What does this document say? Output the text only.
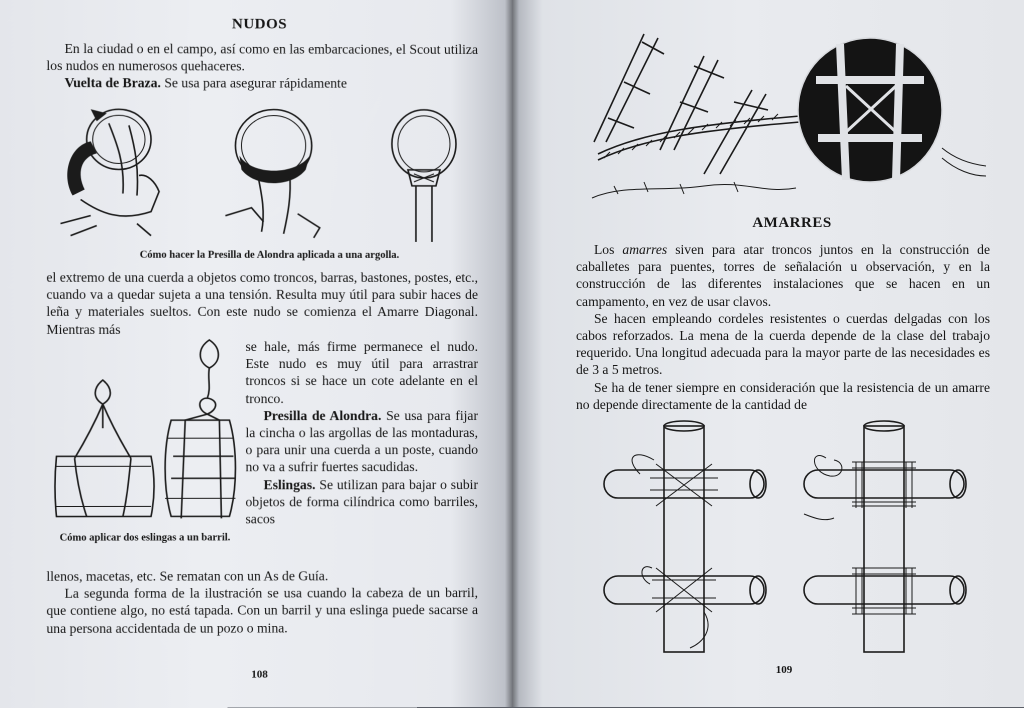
NUDOS

En la ciudad o en el campo, así como en las embarcaciones, el Scout utiliza los nudos en numerosos quehaceres.

Vuelta de Braza. Se usa para asegurar rápidamente

Cómo hacer la Presilla de Alondra aplicada a una argolla.

el extremo de una cuerda a objetos como troncos, barras, bastones, postes, etc., cuando va a quedar sujeta a una tensión. Resulta muy útil para subir haces de leña y materiales sueltos. Con este nudo se comienza el Amarre Diagonal. Mientras más

se hale, más firme permanece el nudo. Este nudo es muy útil para arrastrar troncos si se hace un cote adelante en el tronco.

Presilla de Alondra. Se usa para fijar la cincha o las argollas de las montaduras, o para unir una cuerda a un poste, cuando no va a sufrir fuertes sacudidas.

Eslingas. Se utilizan para bajar o subir objetos de forma cilíndrica como barriles, sacos

Cómo aplicar dos eslingas a un barril.

llenos, macetas, etc. Se rematan con un As de Guía.

La segunda forma de la ilustración se usa cuando la cabeza de un barril, que contiene algo, no está tapada. Con un barril y una eslinga puede sacarse a una persona accidentada de un pozo o mina.

108
AMARRES

Los amarres siven para atar troncos juntos en la construcción de caballetes para puentes, torres de señalación u observación, y en la construcción de las diferentes instalaciones que se hacen en un campamento, en vez de usar clavos.

Se hacen empleando cordeles resistentes o cuerdas delgadas con los cabos reforzados. La mena de la cuerda depende de la clase del trabajo requerido. Una longitud adecuada para la mayor parte de las necesidades es de 3 a 5 metros.

Se ha de tener siempre en consideración que la resistencia de un amarre no depende directamente de la cantidad de

109
